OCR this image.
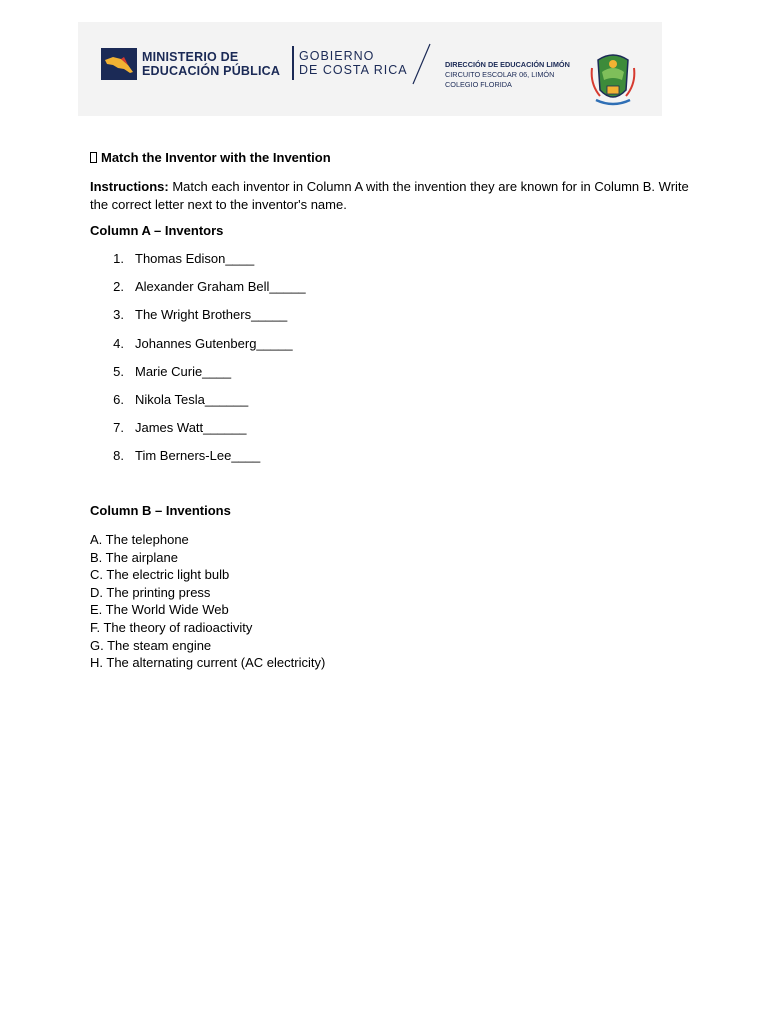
MINISTERIO DE
EDUCACIÓN PÚBLICA
GOBIERNO
DE COSTA RICA	DIRECCIÓN DE EDUCACIÓN LIMÓN
CIRCUITO ESCOLAR 06, LIMÓN
COLEGIO FLORIDA
Match the Inventor with the Invention
Instructions: Match each inventor in Column A with the invention they are known for in Column B. Write the correct letter next to the inventor's name.
Column A – Inventors
1. Thomas Edison____
2. Alexander Graham Bell_____
3. The Wright Brothers_____
4. Johannes Gutenberg_____
5. Marie Curie____
6. Nikola Tesla______
7. James Watt______
8. Tim Berners-Lee____
Column B – Inventions
A. The telephone
B. The airplane
C. The electric light bulb
D. The printing press
E. The World Wide Web
F. The theory of radioactivity
G. The steam engine
H. The alternating current (AC electricity)
